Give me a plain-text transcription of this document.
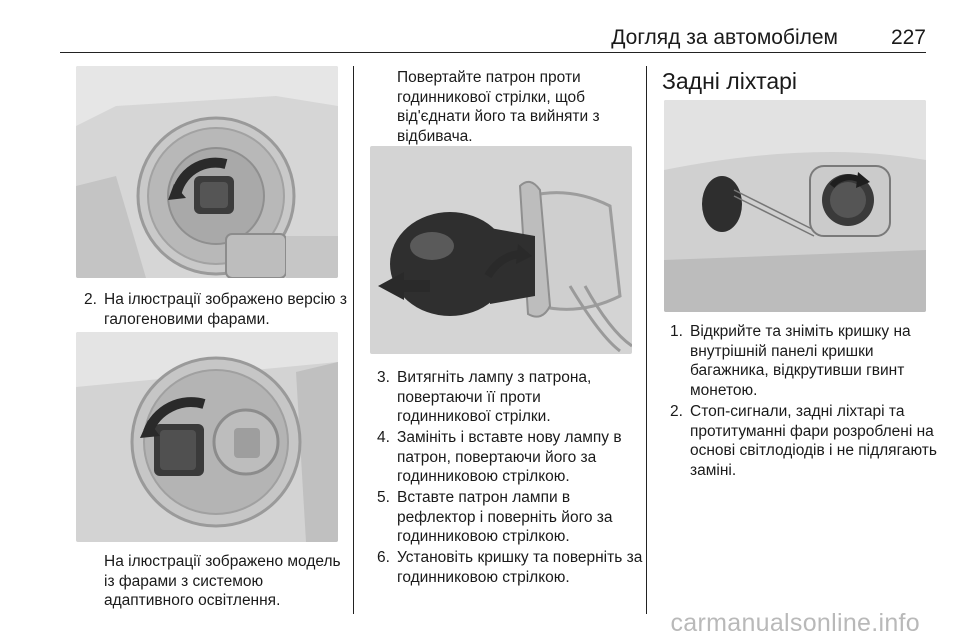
Догляд за автомобілем	227
2. На ілюстрації зображено версію з галогеновими фарами.
На ілюстрації зображено модель із фарами з системою адаптивного освітлення.
Повертайте патрон проти годинникової стрілки, щоб від'єднати його та вийняти з відбивача.
3. Витягніть лампу з патрона, повертаючи її проти годинникової стрілки.
4. Замініть і вставте нову лампу в патрон, повертаючи його за годинниковою стрілкою.
5. Вставте патрон лампи в рефлектор і поверніть його за годинниковою стрілкою.
6. Установіть кришку та поверніть за годинниковою стрілкою.
Задні ліхтарі
1. Відкрийте та зніміть кришку на внутрішній панелі кришки багажника, відкрутивши гвинт монетою.
2. Стоп-сигнали, задні ліхтарі та протитуманні фари розроблені на основі світлодіодів і не підлягають заміні.
carmanualsonline.info
